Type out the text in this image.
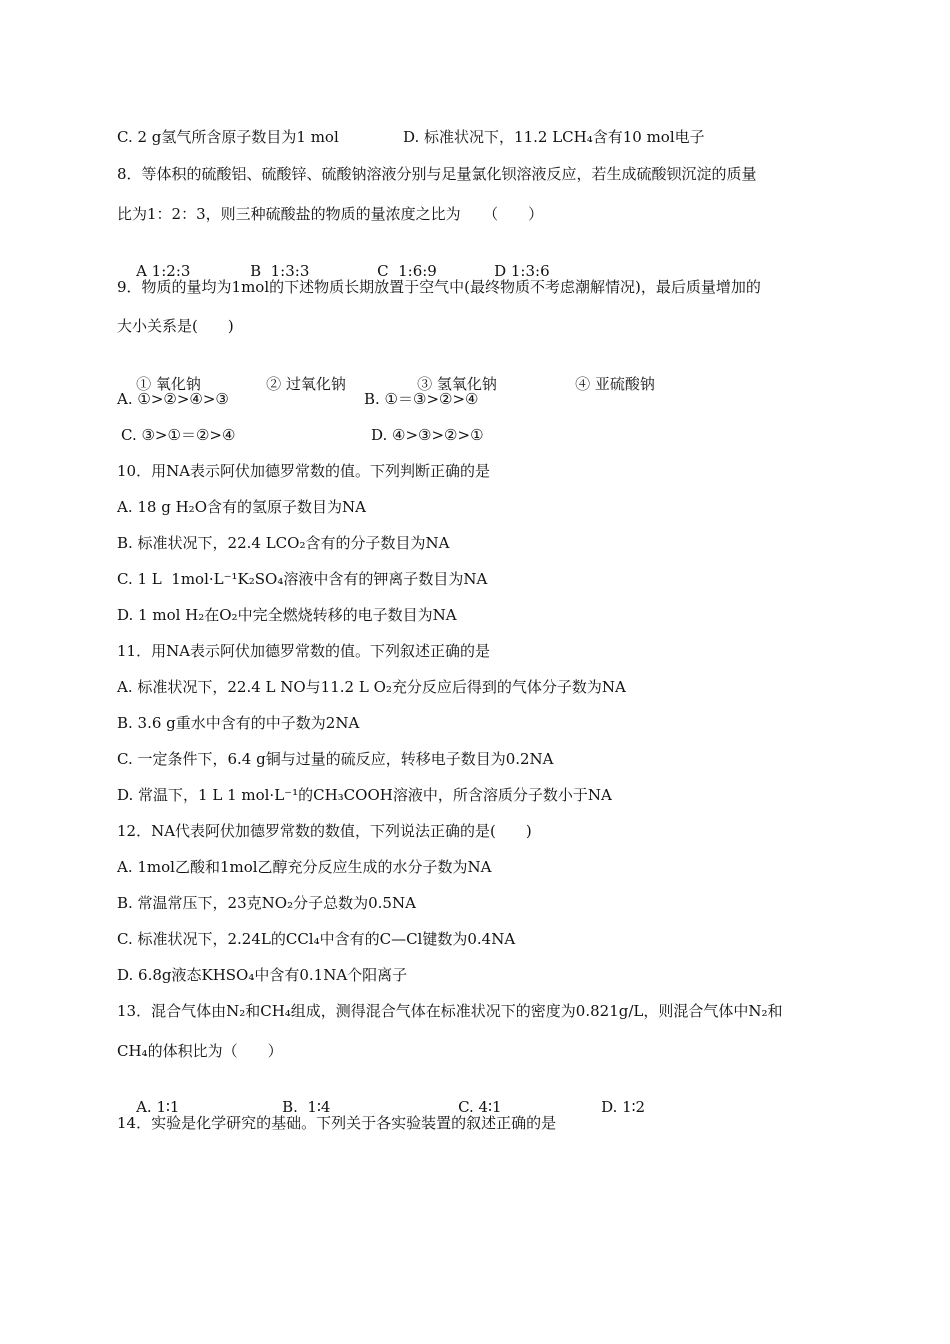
C. 2 g氢气所含原子数目为1 mol	D. 标准状况下，11.2 LCH₄含有10 mol电子
8．等体积的硫酸铝、硫酸锌、硫酸钠溶液分别与足量氯化钡溶液反应，若生成硫酸钡沉淀的质量
比为1：2：3，则三种硫酸盐的物质的量浓度之比为　　（　　）

A 1:2:3	B  1:3:3	C  1:6:9	D 1:3:6

9．物质的量均为1mol的下述物质长期放置于空气中(最终物质不考虑潮解情况)，最后质量增加的
大小关系是(　　)

① 氧化钠	② 过氧化钠	③ 氢氧化钠	④ 亚硫酸钠

A. ①>②>④>③	B. ①＝③>②>④
C. ③>①＝②>④	D. ④>③>②>①
10．用NA表示阿伏加德罗常数的值。下列判断正确的是
A. 18 g H₂O含有的氢原子数目为NA
B. 标准状况下，22.4 LCO₂含有的分子数目为NA
C. 1 L  1mol·L⁻¹K₂SO₄溶液中含有的钾离子数目为NA
D. 1 mol H₂在O₂中完全燃烧转移的电子数目为NA
11．用NA表示阿伏加德罗常数的值。下列叙述正确的是
A. 标准状况下，22.4 L NO与11.2 L O₂充分反应后得到的气体分子数为NA
B. 3.6 g重水中含有的中子数为2NA
C. 一定条件下，6.4 g铜与过量的硫反应，转移电子数目为0.2NA
D. 常温下，1 L 1 mol·L⁻¹的CH₃COOH溶液中，所含溶质分子数小于NA
12．NA代表阿伏加德罗常数的数值，下列说法正确的是(　　)
A. 1mol乙酸和1mol乙醇充分反应生成的水分子数为NA
B. 常温常压下，23克NO₂分子总数为0.5NA
C. 标准状况下，2.24L的CCl₄中含有的C—Cl键数为0.4NA
D. 6.8g液态KHSO₄中含有0.1NA个阳离子
13．混合气体由N₂和CH₄组成，测得混合气体在标准状况下的密度为0.821g/L，则混合气体中N₂和
CH₄的体积比为（　　）

A. 1∶1	B.  1∶4	C. 4∶1	D. 1∶2

14．实验是化学研究的基础。下列关于各实验装置的叙述正确的是
